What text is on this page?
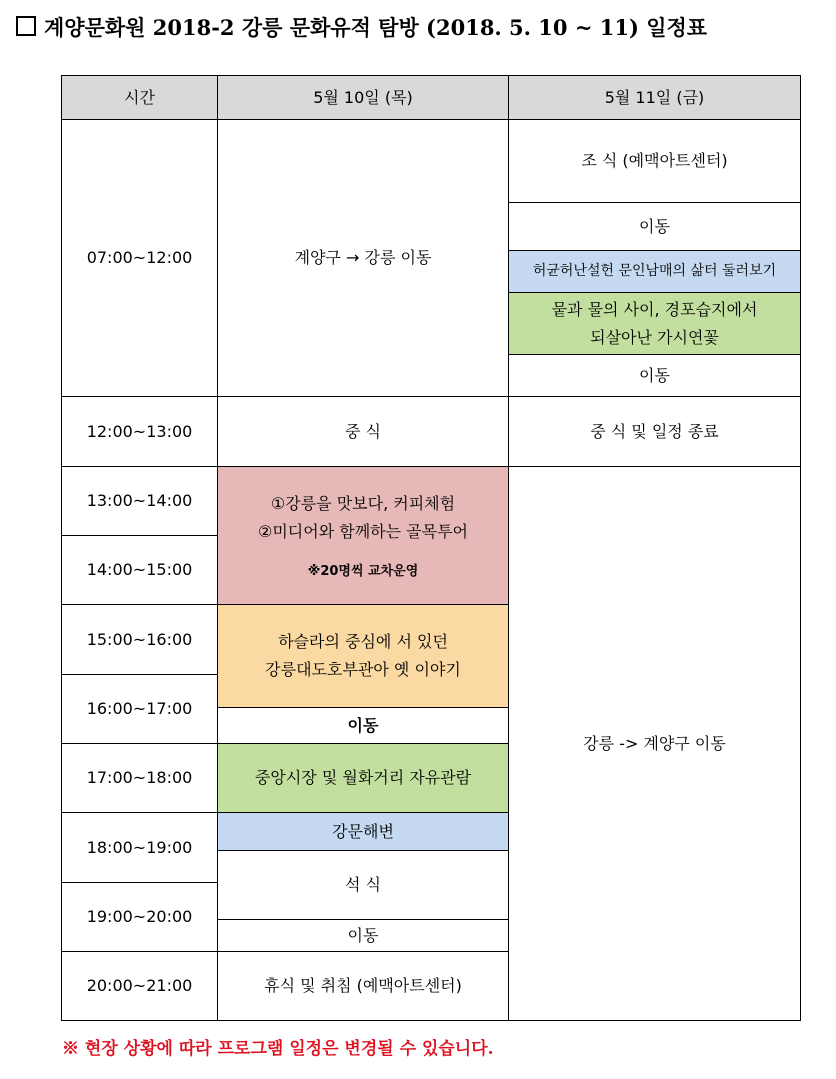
계양문화원 2018-2 강릉 문화유적 탐방 (2018. 5. 10 ~ 11) 일정표
시간	5월 10일 (목)	5월 11일 (금)
07:00~12:00	계양구 → 강릉 이동	조 식 (예맥아트센터)
		이동
		허균허난설헌 문인남매의 삶터 둘러보기
		뭍과 물의 사이, 경포습지에서
되살아난 가시연꽃
		이동
12:00~13:00	중 식	중 식 및 일정 종료
13:00~14:00	①강릉을 맛보다, 커피체험
②미디어와 함께하는 골목투어
※20명씩 교차운영	강릉 -> 계양구 이동
14:00~15:00		
15:00~16:00	하슬라의 중심에 서 있던
강릉대도호부관아 옛 이야기	
16:00~17:00		
	이동	
17:00~18:00	중앙시장 및 월화거리 자유관람	
18:00~19:00	강문해변	
	석 식	
19:00~20:00		
	이동	
20:00~21:00	휴식 및 취침 (예맥아트센터)	
※ 현장 상황에 따라 프로그램 일정은 변경될 수 있습니다.
